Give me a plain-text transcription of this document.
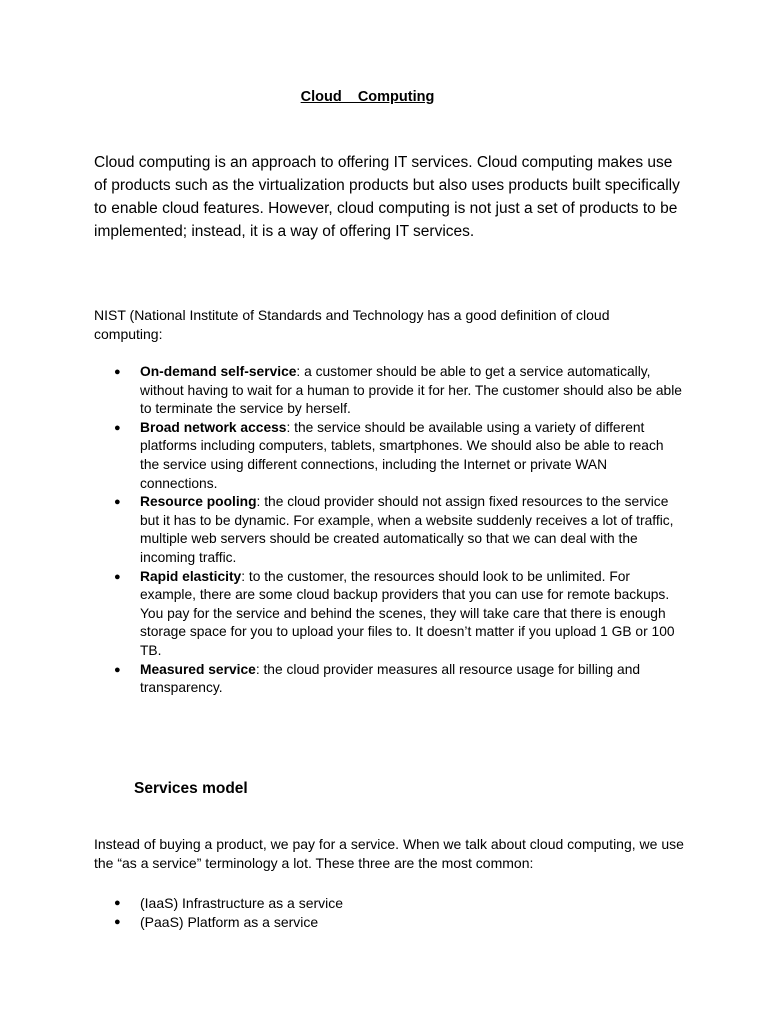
Cloud    Computing

Cloud computing is an approach to offering IT services. Cloud computing makes use of products such as the virtualization products but also uses products built specifically to enable cloud features. However, cloud computing is not just a set of products to be implemented; instead, it is a way of offering IT services.

NIST (National Institute of Standards and Technology has a good definition of cloud computing:

● On-demand self-service: a customer should be able to get a service automatically, without having to wait for a human to provide it for her. The customer should also be able to terminate the service by herself.
● Broad network access: the service should be available using a variety of different platforms including computers, tablets, smartphones. We should also be able to reach the service using different connections, including the Internet or private WAN connections.
● Resource pooling: the cloud provider should not assign fixed resources to the service but it has to be dynamic. For example, when a website suddenly receives a lot of traffic, multiple web servers should be created automatically so that we can deal with the incoming traffic.
● Rapid elasticity: to the customer, the resources should look to be unlimited. For example, there are some cloud backup providers that you can use for remote backups. You pay for the service and behind the scenes, they will take care that there is enough storage space for you to upload your files to. It doesn’t matter if you upload 1 GB or 100 TB.
● Measured service: the cloud provider measures all resource usage for billing and transparency.
Services model

Instead of buying a product, we pay for a service. When we talk about cloud computing, we use the “as a service” terminology a lot. These three are the most common:

● (IaaS) Infrastructure as a service
● (PaaS) Platform as a service
